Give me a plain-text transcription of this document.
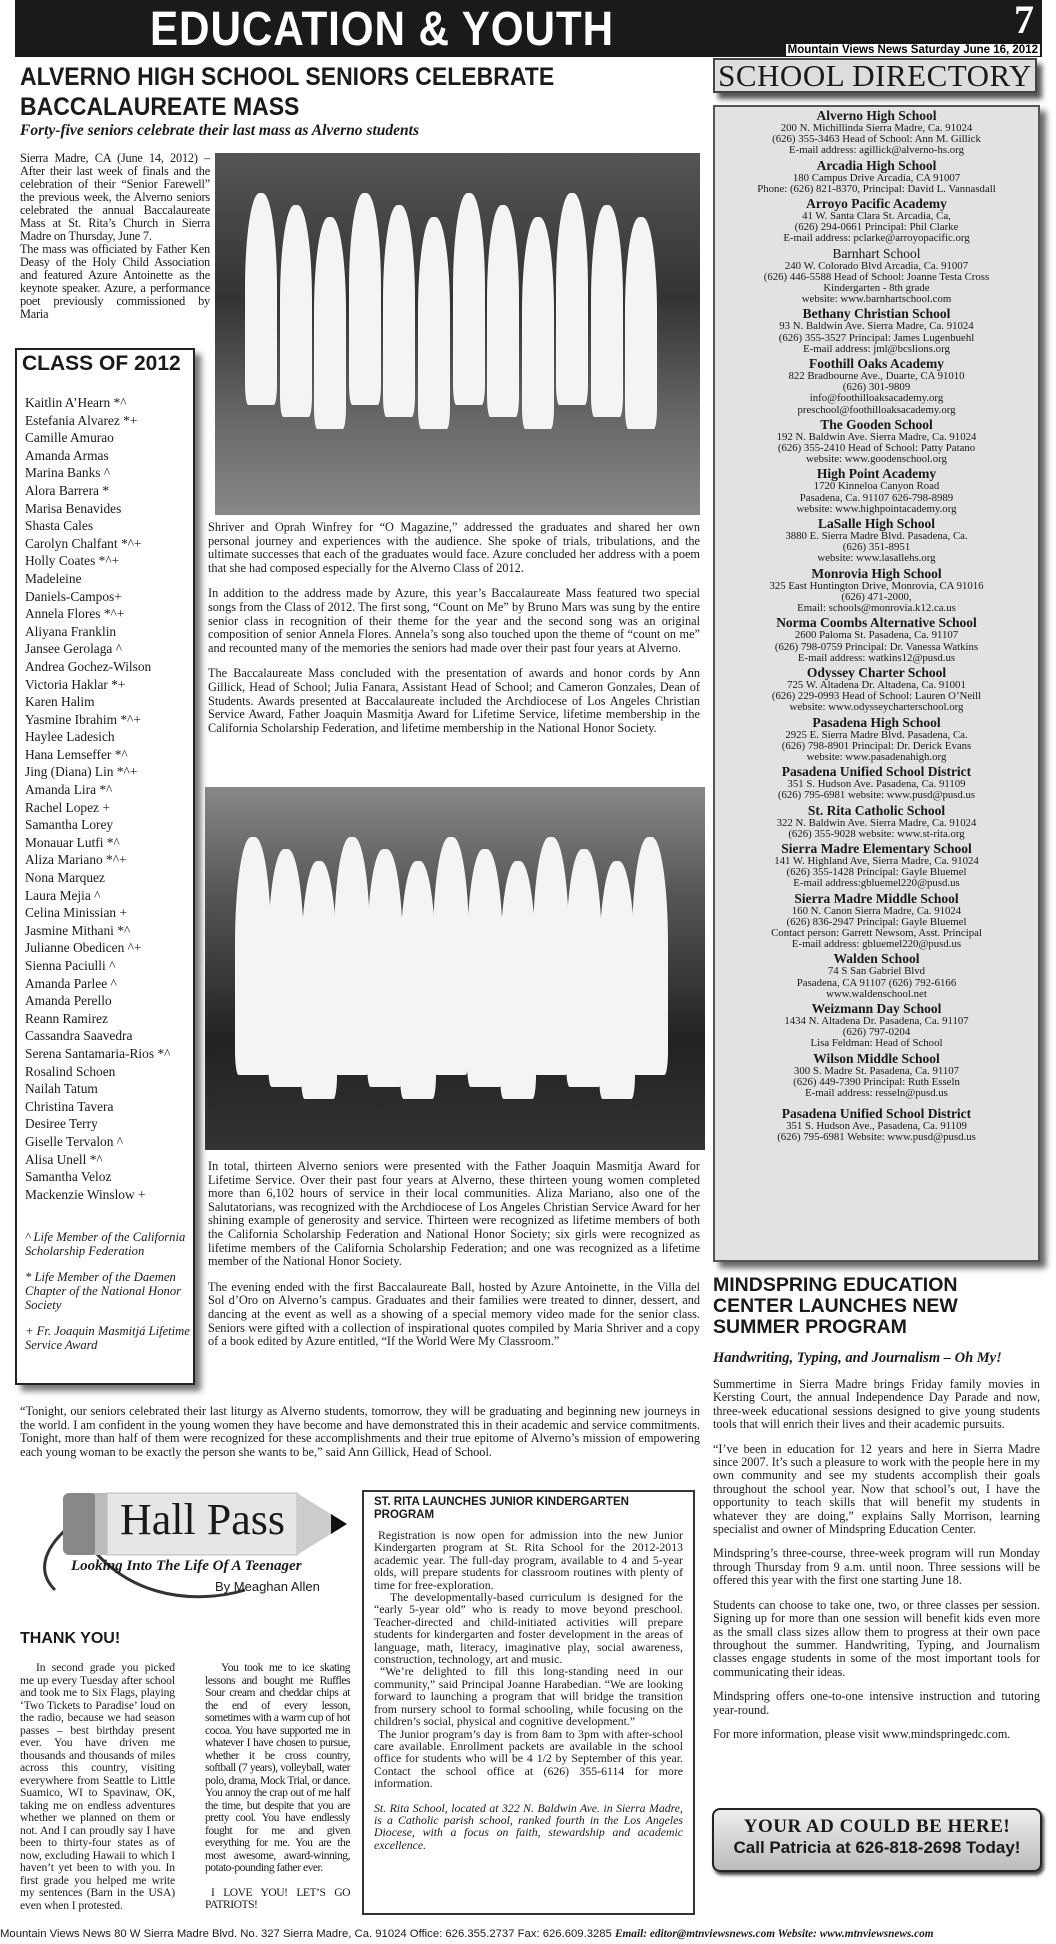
EDUCATION & YOUTH	7
Mountain Views News Saturday June 16, 2012
ALVERNO HIGH SCHOOL SENIORS CELEBRATE BACCALAUREATE MASS
Forty-five seniors celebrate their last mass as Alverno students

Sierra Madre, CA (June 14, 2012) – After their last week of finals and the celebration of their “Senior Farewell” the previous week, the Alverno seniors celebrated the annual Baccalaureate Mass at St. Rita’s Church in Sierra Madre on Thursday, June 7.

The mass was officiated by Father Ken Deasy of the Holy Child Association and featured Azure Antoinette as the keynote speaker. Azure, a performance poet previously commissioned by Maria

Shriver and Oprah Winfrey for “O Magazine,” addressed the graduates and shared her own personal journey and experiences with the audience. She spoke of trials, tribulations, and the ultimate successes that each of the graduates would face. Azure concluded her address with a poem that she had composed especially for the Alverno Class of 2012.

In addition to the address made by Azure, this year’s Baccalaureate Mass featured two special songs from the Class of 2012. The first song, “Count on Me” by Bruno Mars was sung by the entire senior class in recognition of their theme for the year and the second song was an original composition of senior Annela Flores. Annela’s song also touched upon the theme of “count on me” and recounted many of the memories the seniors had made over their past four years at Alverno.

The Baccalaureate Mass concluded with the presentation of awards and honor cords by Ann Gillick, Head of School; Julia Fanara, Assistant Head of School; and Cameron Gonzales, Dean of Students. Awards presented at Baccalaureate included the Archdiocese of Los Angeles Christian Service Award, Father Joaquin Masmitja Award for Lifetime Service, lifetime membership in the California Scholarship Federation, and lifetime membership in the National Honor Society.

In total, thirteen Alverno seniors were presented with the Father Joaquin Masmitja Award for Lifetime Service. Over their past four years at Alverno, these thirteen young women completed more than 6,102 hours of service in their local communities. Aliza Mariano, also one of the Salutatorians, was recognized with the Archdiocese of Los Angeles Christian Service Award for her shining example of generosity and service. Thirteen were recognized as lifetime members of both the California Scholarship Federation and National Honor Society; six girls were recognized as lifetime members of the California Scholarship Federation; and one was recognized as a lifetime member of the National Honor Society.

The evening ended with the first Baccalaureate Ball, hosted by Azure Antoinette, in the Villa del Sol d’Oro on Alverno’s campus. Graduates and their families were treated to dinner, dessert, and dancing at the event as well as a showing of a special memory video made for the senior class. Seniors were gifted with a collection of inspirational quotes compiled by Maria Shriver and a copy of a book edited by Azure entitled, “If the World Were My Classroom.”

CLASS OF 2012
Kaitlin A’Hearn *^
Estefania Alvarez *+
Camille Amurao
Amanda Armas
Marina Banks ^
Alora Barrera *
Marisa Benavides
Shasta Cales
Carolyn Chalfant *^+
Holly Coates *^+
Madeleine
Daniels-Campos+
Annela Flores *^+
Aliyana Franklin
Jansee Gerolaga ^
Andrea Gochez-Wilson
Victoria Haklar *+
Karen Halim
Yasmine Ibrahim *^+
Haylee Ladesich
Hana Lemseffer *^
Jing (Diana) Lin *^+
Amanda Lira *^
Rachel Lopez +
Samantha Lorey
Monauar Lutfi *^
Aliza Mariano *^+
Nona Marquez
Laura Mejia ^
Celina Minissian +
Jasmine Mithani *^
Julianne Obedicen ^+
Sienna Paciulli ^
Amanda Parlee ^
Amanda Perello
Reann Ramirez
Cassandra Saavedra
Serena Santamaria-Rios *^
Rosalind Schoen
Nailah Tatum
Christina Tavera
Desiree Terry
Giselle Tervalon ^
Alisa Unell *^
Samantha Veloz
Mackenzie Winslow +

^ Life Member of the California Scholarship Federation

* Life Member of the Daemen Chapter of the National Honor Society

+ Fr. Joaquin Masmitjá Lifetime Service Award

“Tonight, our seniors celebrated their last liturgy as Alverno students, tomorrow, they will be graduating and beginning new journeys in the world. I am confident in the young women they have become and have demonstrated this in their academic and service commitments. Tonight, more than half of them were recognized for these accomplishments and their true epitome of Alverno’s mission of empowering each young woman to be exactly the person she wants to be,” said Ann Gillick, Head of School.
SCHOOL DIRECTORY
Alverno High School
200 N. Michillinda Sierra Madre, Ca. 91024
(626) 355-3463 Head of School: Ann M. Gillick
E-mail address: agillick@alverno-hs.org
Arcadia High School
180 Campus Drive Arcadia, CA 91007
Phone: (626) 821-8370, Principal: David L. Vannasdall
Arroyo Pacific Academy
41 W. Santa Clara St. Arcadia, Ca,
(626) 294-0661 Principal: Phil Clarke
E-mail address: pclarke@arroyopacific.org
Barnhart School
240 W. Colorado Blvd Arcadia, Ca. 91007
(626) 446-5588 Head of School: Joanne Testa Cross
Kindergarten - 8th grade
website: www.barnhartschool.com
Bethany Christian School
93 N. Baldwin Ave. Sierra Madre, Ca. 91024
(626) 355-3527 Principal: James Lugenbuehl
E-mail address: jml@bcslions.org
Foothill Oaks Academy
822 Bradbourne Ave., Duarte, CA 91010
(626) 301-9809
info@foothilloaksacademy.org
preschool@foothilloaksacademy.org
The Gooden School
192 N. Baldwin Ave. Sierra Madre, Ca. 91024
(626) 355-2410 Head of School: Patty Patano
website: www.goodenschool.org
High Point Academy
1720 Kinneloa Canyon Road
Pasadena, Ca. 91107 626-798-8989
website: www.highpointacademy.org
LaSalle High School
3880 E. Sierra Madre Blvd. Pasadena, Ca.
(626) 351-8951
website: www.lasallehs.org
Monrovia High School
325 East Huntington Drive, Monrovia, CA 91016
(626) 471-2000,
Email: schools@monrovia.k12.ca.us
Norma Coombs Alternative School
2600 Paloma St. Pasadena, Ca. 91107
(626) 798-0759 Principal: Dr. Vanessa Watkins
E-mail address: watkins12@pusd.us
Odyssey Charter School
725 W. Altadena Dr. Altadena, Ca. 91001
(626) 229-0993 Head of School: Lauren O’Neill
website: www.odysseycharterschool.org
Pasadena High School
2925 E. Sierra Madre Blvd. Pasadena, Ca.
(626) 798-8901 Principal: Dr. Derick Evans
website: www.pasadenahigh.org
Pasadena Unified School District
351 S. Hudson Ave. Pasadena, Ca. 91109
(626) 795-6981 website: www.pusd@pusd.us
St. Rita Catholic School
322 N. Baldwin Ave. Sierra Madre, Ca. 91024
(626) 355-9028 website: www.st-rita.org
Sierra Madre Elementary School
141 W. Highland Ave, Sierra Madre, Ca. 91024
(626) 355-1428 Principal: Gayle Bluemel
E-mail address:gbluemel220@pusd.us
Sierra Madre Middle School
160 N. Canon Sierra Madre, Ca. 91024
(626) 836-2947 Principal: Gayle Bluemel
Contact person: Garrett Newsom, Asst. Principal
E-mail address: gbluemel220@pusd.us
Walden School
74 S San Gabriel Blvd
Pasadena, CA 91107 (626) 792-6166
www.waldenschool.net
Weizmann Day School
1434 N. Altadena Dr. Pasadena, Ca. 91107
(626) 797-0204
Lisa Feldman: Head of School
Wilson Middle School
300 S. Madre St. Pasadena, Ca. 91107
(626) 449-7390 Principal: Ruth Esseln
E-mail address: resseln@pusd.us
Pasadena Unified School District
351 S. Hudson Ave., Pasadena, Ca. 91109
(626) 795-6981 Website: www.pusd@pusd.us
Hall Pass
Looking Into The Life Of A Teenager
By Meaghan Allen
THANK YOU!
In second grade you picked me up every Tuesday after school and took me to Six Flags, playing ‘Two Tickets to Paradise’ loud on the radio, because we had season passes – best birthday present ever. You have driven me thousands and thousands of miles across this country, visiting everywhere from Seattle to Little Suamico, WI to Spavinaw, OK, taking me on endless adventures whether we planned on them or not. And I can proudly say I have been to thirty-four states as of now, excluding Hawaii to which I haven’t yet been to with you. In first grade you helped me write my sentences (Barn in the USA) even when I protested.

You took me to ice skating lessons and bought me Ruffles Sour cream and cheddar chips at the end of every lesson, sometimes with a warm cup of hot cocoa. You have supported me in whatever I have chosen to pursue, whether it be cross country, softball (7 years), volleyball, water polo, drama, Mock Trial, or dance. You annoy the crap out of me half the time, but despite that you are pretty cool. You have endlessly fought for me and given everything for me. You are the most awesome, award-winning, potato-pounding father ever.

I LOVE YOU! LET’S GO PATRIOTS!

ST. RITA LAUNCHES JUNIOR KINDERGARTEN PROGRAM

Registration is now open for admission into the new Junior Kindergarten program at St. Rita School for the 2012-2013 academic year. The full-day program, available to 4 and 5-year olds, will prepare students for classroom routines with plenty of time for free-exploration.

The developmentally-based curriculum is designed for the “early 5-year old” who is ready to move beyond preschool. Teacher-directed and child-initiated activities will prepare students for kindergarten and foster development in the areas of language, math, literacy, imaginative play, social awareness, construction, technology, art and music.

“We’re delighted to fill this long-standing need in our community,” said Principal Joanne Harabedian. “We are looking forward to launching a program that will bridge the transition from nursery school to formal schooling, while focusing on the children’s social, physical and cognitive development.”

The Junior program’s day is from 8am to 3pm with after-school care available. Enrollment packets are available in the school office for students who will be 4 1/2 by September of this year. Contact the school office at (626) 355-6114 for more information.

St. Rita School, located at 322 N. Baldwin Ave. in Sierra Madre, is a Catholic parish school, ranked fourth in the Los Angeles Diocese, with a focus on faith, stewardship and academic excellence.

MINDSPRING EDUCATION CENTER LAUNCHES NEW SUMMER PROGRAM
Handwriting, Typing, and Journalism – Oh My!

Summertime in Sierra Madre brings Friday family movies in Kersting Court, the annual Independence Day Parade and now, three-week educational sessions designed to give young students tools that will enrich their lives and their academic pursuits.

“I’ve been in education for 12 years and here in Sierra Madre since 2007. It’s such a pleasure to work with the people here in my own community and see my students accomplish their goals throughout the school year. Now that school’s out, I have the opportunity to teach skills that will benefit my students in whatever they are doing,” explains Sally Morrison, learning specialist and owner of Mindspring Education Center.

Mindspring’s three-course, three-week program will run Monday through Thursday from 9 a.m. until noon. Three sessions will be offered this year with the first one starting June 18.

Students can choose to take one, two, or three classes per session. Signing up for more than one session will benefit kids even more as the small class sizes allow them to progress at their own pace throughout the summer. Handwriting, Typing, and Journalism classes engage students in some of the most important tools for communicating their ideas.

Mindspring offers one-to-one intensive instruction and tutoring year-round.

For more information, please visit www.mindspringedc.com.

YOUR AD COULD BE HERE!
Call Patricia at 626-818-2698 Today!
Mountain Views News 80 W Sierra Madre Blvd. No. 327 Sierra Madre, Ca. 91024 Office: 626.355.2737 Fax: 626.609.3285 Email: editor@mtnviewsnews.com Website: www.mtnviewsnews.com
